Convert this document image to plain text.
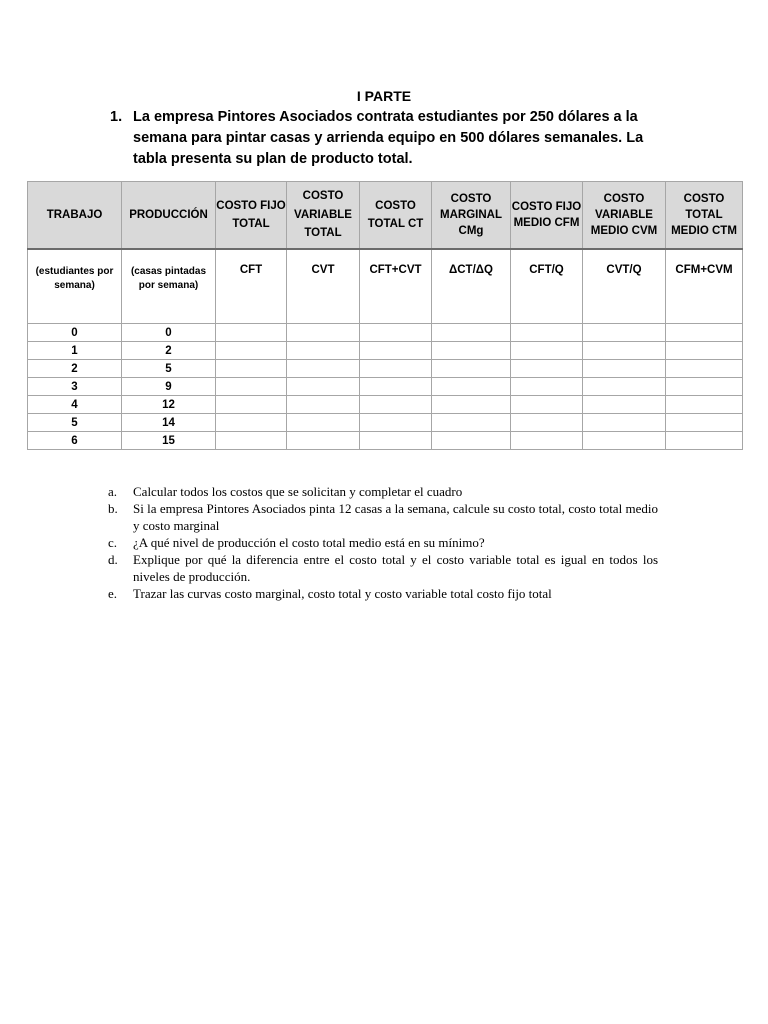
I PARTE
1. La empresa Pintores Asociados contrata estudiantes por 250 dólares a la semana para pintar casas y arrienda equipo en 500 dólares semanales. La tabla presenta su plan de producto total.
TRABAJO	PRODUCCIÓN	COSTO FIJO TOTAL	COSTO VARIABLE TOTAL	COSTO TOTAL CT	COSTO MARGINAL CMg	COSTO FIJO MEDIO CFM	COSTO VARIABLE MEDIO CVM	COSTO TOTAL MEDIO CTM
(estudiantes por semana)	(casas pintadas por semana)	CFT	CVT	CFT+CVT	ΔCT/ΔQ	CFT/Q	CVT/Q	CFM+CVM
0	0							
1	2							
2	5							
3	9							
4	12							
5	14							
6	15							
a. Calcular todos los costos que se solicitan y completar el cuadro
b. Si la empresa Pintores Asociados pinta 12 casas a la semana, calcule su costo total, costo total medio y costo marginal
c. ¿A qué nivel de producción el costo total medio está en su mínimo?
d. Explique por qué la diferencia entre el costo total y el costo variable total es igual en todos los niveles de producción.
e. Trazar las curvas costo marginal, costo total y costo variable total costo fijo total
